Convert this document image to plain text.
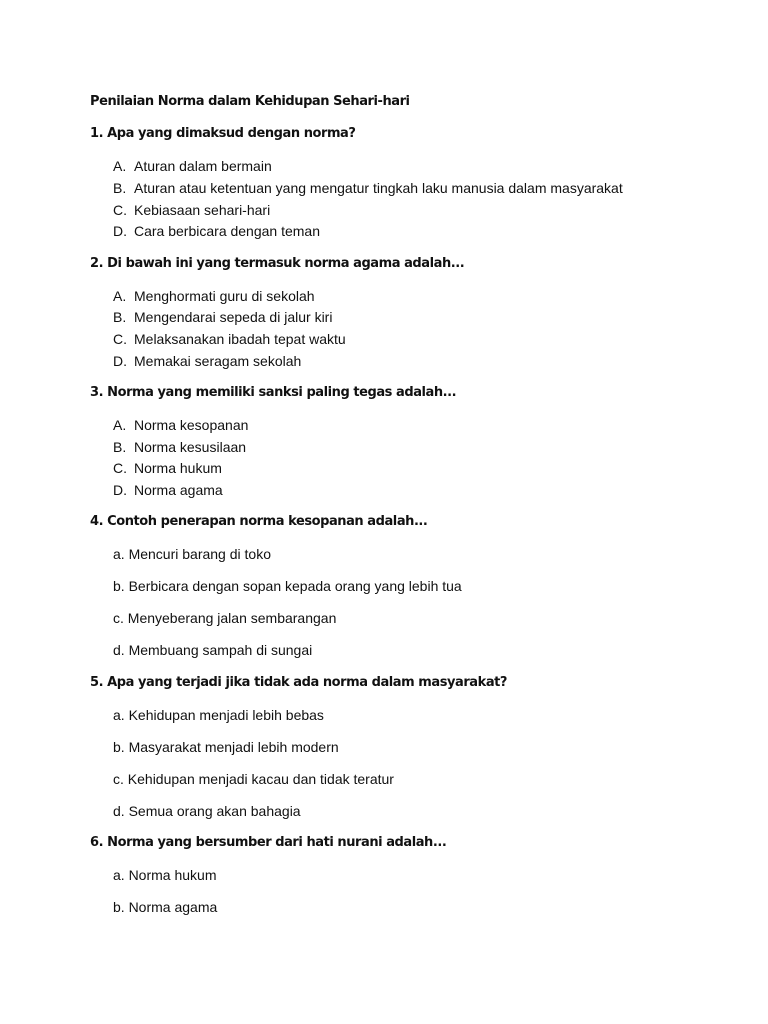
Penilaian Norma dalam Kehidupan Sehari-hari
1. Apa yang dimaksud dengan norma?
A. Aturan dalam bermain
B. Aturan atau ketentuan yang mengatur tingkah laku manusia dalam masyarakat
C. Kebiasaan sehari-hari
D. Cara berbicara dengan teman
2. Di bawah ini yang termasuk norma agama adalah...
A. Menghormati guru di sekolah
B. Mengendarai sepeda di jalur kiri
C. Melaksanakan ibadah tepat waktu
D. Memakai seragam sekolah
3. Norma yang memiliki sanksi paling tegas adalah...
A. Norma kesopanan
B. Norma kesusilaan
C. Norma hukum
D. Norma agama
4. Contoh penerapan norma kesopanan adalah...
a. Mencuri barang di toko
b. Berbicara dengan sopan kepada orang yang lebih tua
c. Menyeberang jalan sembarangan
d. Membuang sampah di sungai
5. Apa yang terjadi jika tidak ada norma dalam masyarakat?
a. Kehidupan menjadi lebih bebas
b. Masyarakat menjadi lebih modern
c. Kehidupan menjadi kacau dan tidak teratur
d. Semua orang akan bahagia
6. Norma yang bersumber dari hati nurani adalah...
a. Norma hukum
b. Norma agama
